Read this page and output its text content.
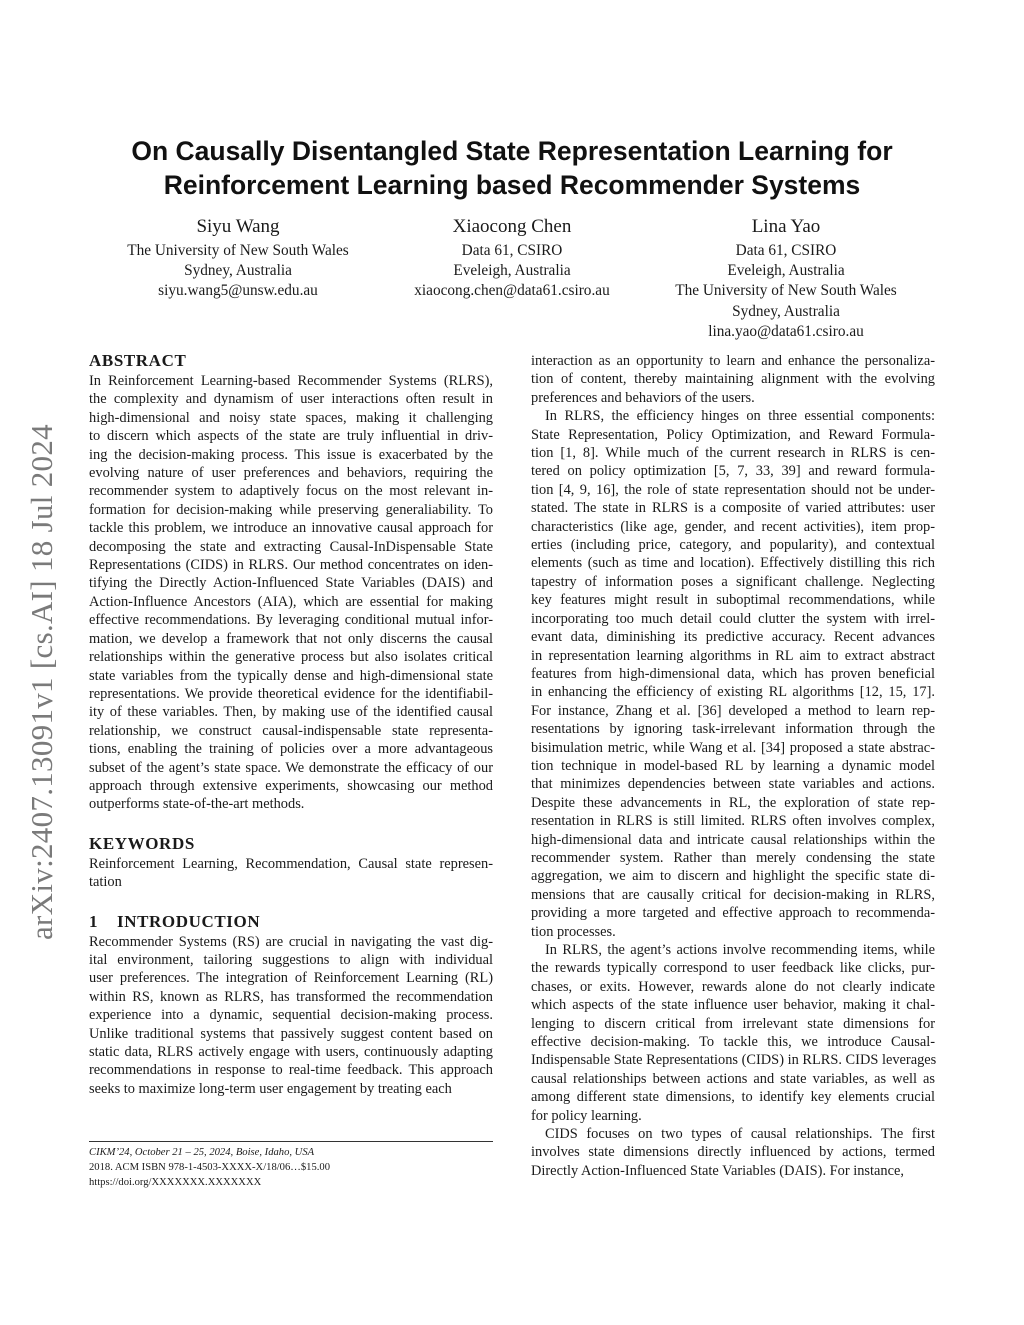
arXiv:2407.13091v1 [cs.AI] 18 Jul 2024
On Causally Disentangled State Representation Learning for
Reinforcement Learning based Recommender Systems
Siyu Wang
The University of New South Wales
Sydney, Australia
siyu.wang5@unsw.edu.au
Xiaocong Chen
Data 61, CSIRO
Eveleigh, Australia
xiaocong.chen@data61.csiro.au
Lina Yao
Data 61, CSIRO
Eveleigh, Australia
The University of New South Wales
Sydney, Australia
lina.yao@data61.csiro.au
ABSTRACT
In Reinforcement Learning-based Recommender Systems (RLRS),
the complexity and dynamism of user interactions often result in
high-dimensional and noisy state spaces, making it challenging
to discern which aspects of the state are truly influential in driv-
ing the decision-making process. This issue is exacerbated by the
evolving nature of user preferences and behaviors, requiring the
recommender system to adaptively focus on the most relevant in-
formation for decision-making while preserving generaliability. To
tackle this problem, we introduce an innovative causal approach for
decomposing the state and extracting Causal-InDispensable State
Representations (CIDS) in RLRS. Our method concentrates on iden-
tifying the Directly Action-Influenced State Variables (DAIS) and
Action-Influence Ancestors (AIA), which are essential for making
effective recommendations. By leveraging conditional mutual infor-
mation, we develop a framework that not only discerns the causal
relationships within the generative process but also isolates critical
state variables from the typically dense and high-dimensional state
representations. We provide theoretical evidence for the identifiabil-
ity of these variables. Then, by making use of the identified causal
relationship, we construct causal-indispensable state representa-
tions, enabling the training of policies over a more advantageous
subset of the agent’s state space. We demonstrate the efficacy of our
approach through extensive experiments, showcasing our method
outperforms state-of-the-art methods.
KEYWORDS
Reinforcement Learning, Recommendation, Causal state represen-
tation
1 INTRODUCTION
Recommender Systems (RS) are crucial in navigating the vast dig-
ital environment, tailoring suggestions to align with individual
user preferences. The integration of Reinforcement Learning (RL)
within RS, known as RLRS, has transformed the recommendation
experience into a dynamic, sequential decision-making process.
Unlike traditional systems that passively suggest content based on
static data, RLRS actively engage with users, continuously adapting
recommendations in response to real-time feedback. This approach
seeks to maximize long-term user engagement by treating each
interaction as an opportunity to learn and enhance the personaliza-
tion of content, thereby maintaining alignment with the evolving
preferences and behaviors of the users.
In RLRS, the efficiency hinges on three essential components:
State Representation, Policy Optimization, and Reward Formula-
tion [1, 8]. While much of the current research in RLRS is cen-
tered on policy optimization [5, 7, 33, 39] and reward formula-
tion [4, 9, 16], the role of state representation should not be under-
stated. The state in RLRS is a composite of varied attributes: user
characteristics (like age, gender, and recent activities), item prop-
erties (including price, category, and popularity), and contextual
elements (such as time and location). Effectively distilling this rich
tapestry of information poses a significant challenge. Neglecting
key features might result in suboptimal recommendations, while
incorporating too much detail could clutter the system with irrel-
evant data, diminishing its predictive accuracy. Recent advances
in representation learning algorithms in RL aim to extract abstract
features from high-dimensional data, which has proven beneficial
in enhancing the efficiency of existing RL algorithms [12, 15, 17].
For instance, Zhang et al. [36] developed a method to learn rep-
resentations by ignoring task-irrelevant information through the
bisimulation metric, while Wang et al. [34] proposed a state abstrac-
tion technique in model-based RL by learning a dynamic model
that minimizes dependencies between state variables and actions.
Despite these advancements in RL, the exploration of state rep-
resentation in RLRS is still limited. RLRS often involves complex,
high-dimensional data and intricate causal relationships within the
recommender system. Rather than merely condensing the state
aggregation, we aim to discern and highlight the specific state di-
mensions that are causally critical for decision-making in RLRS,
providing a more targeted and effective approach to recommenda-
tion processes.
In RLRS, the agent’s actions involve recommending items, while
the rewards typically correspond to user feedback like clicks, pur-
chases, or exits. However, rewards alone do not clearly indicate
which aspects of the state influence user behavior, making it chal-
lenging to discern critical from irrelevant state dimensions for
effective decision-making. To tackle this, we introduce Causal-
Indispensable State Representations (CIDS) in RLRS. CIDS leverages
causal relationships between actions and state variables, as well as
among different state dimensions, to identify key elements crucial
for policy learning.
CIDS focuses on two types of causal relationships. The first
involves state dimensions directly influenced by actions, termed
Directly Action-Influenced State Variables (DAIS). For instance,
CIKM’24, October 21 – 25, 2024, Boise, Idaho, USA
2018. ACM ISBN 978-1-4503-XXXX-X/18/06…$15.00
https://doi.org/XXXXXXX.XXXXXXX
